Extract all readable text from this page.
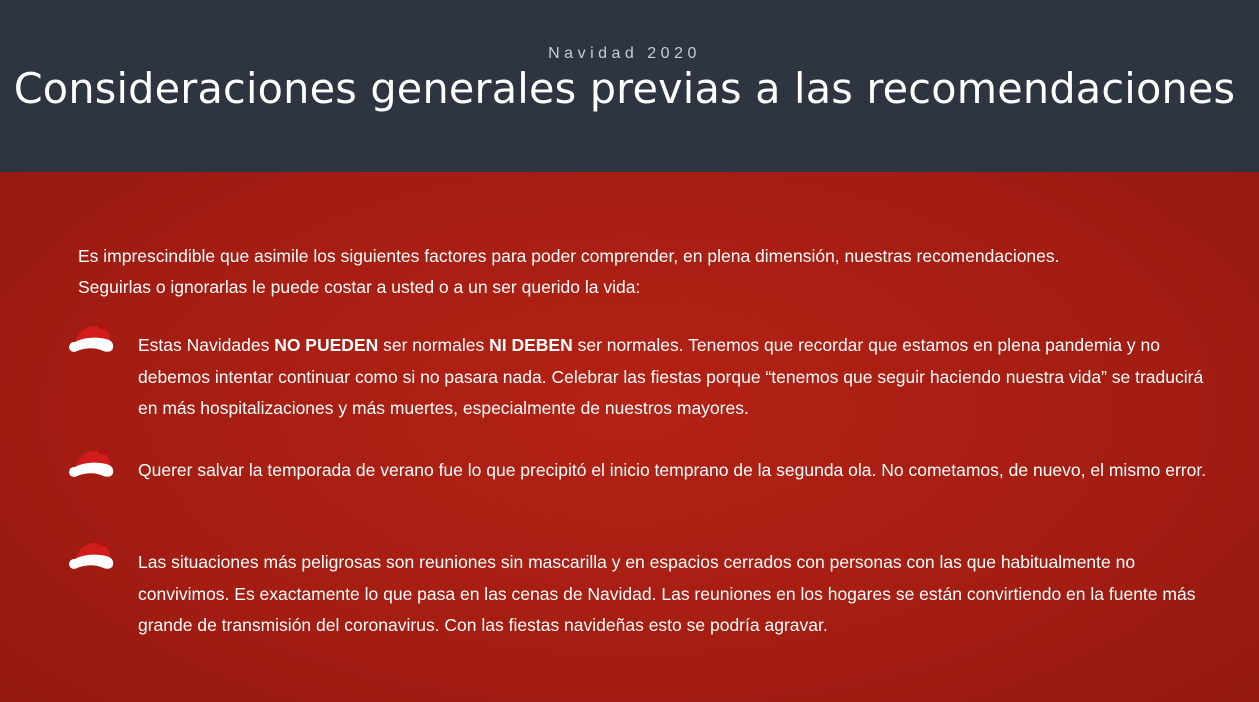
Navidad 2020
Consideraciones generales previas a las recomendaciones
Es imprescindible que asimile los siguientes factores para poder comprender, en plena dimensión, nuestras recomendaciones.
Seguirlas o ignorarlas le puede costar a usted o a un ser querido la vida:
Estas Navidades NO PUEDEN ser normales NI DEBEN ser normales. Tenemos que recordar que estamos en plena pandemia y no debemos intentar continuar como si no pasara nada. Celebrar las fiestas porque “tenemos que seguir haciendo nuestra vida” se traducirá en más hospitalizaciones y más muertes, especialmente de nuestros mayores.
Querer salvar la temporada de verano fue lo que precipitó el inicio temprano de la segunda ola. No cometamos, de nuevo, el mismo error.
Las situaciones más peligrosas son reuniones sin mascarilla y en espacios cerrados con personas con las que habitualmente no convivimos. Es exactamente lo que pasa en las cenas de Navidad. Las reuniones en los hogares se están convirtiendo en la fuente más grande de transmisión del coronavirus. Con las fiestas navideñas esto se podría agravar.
